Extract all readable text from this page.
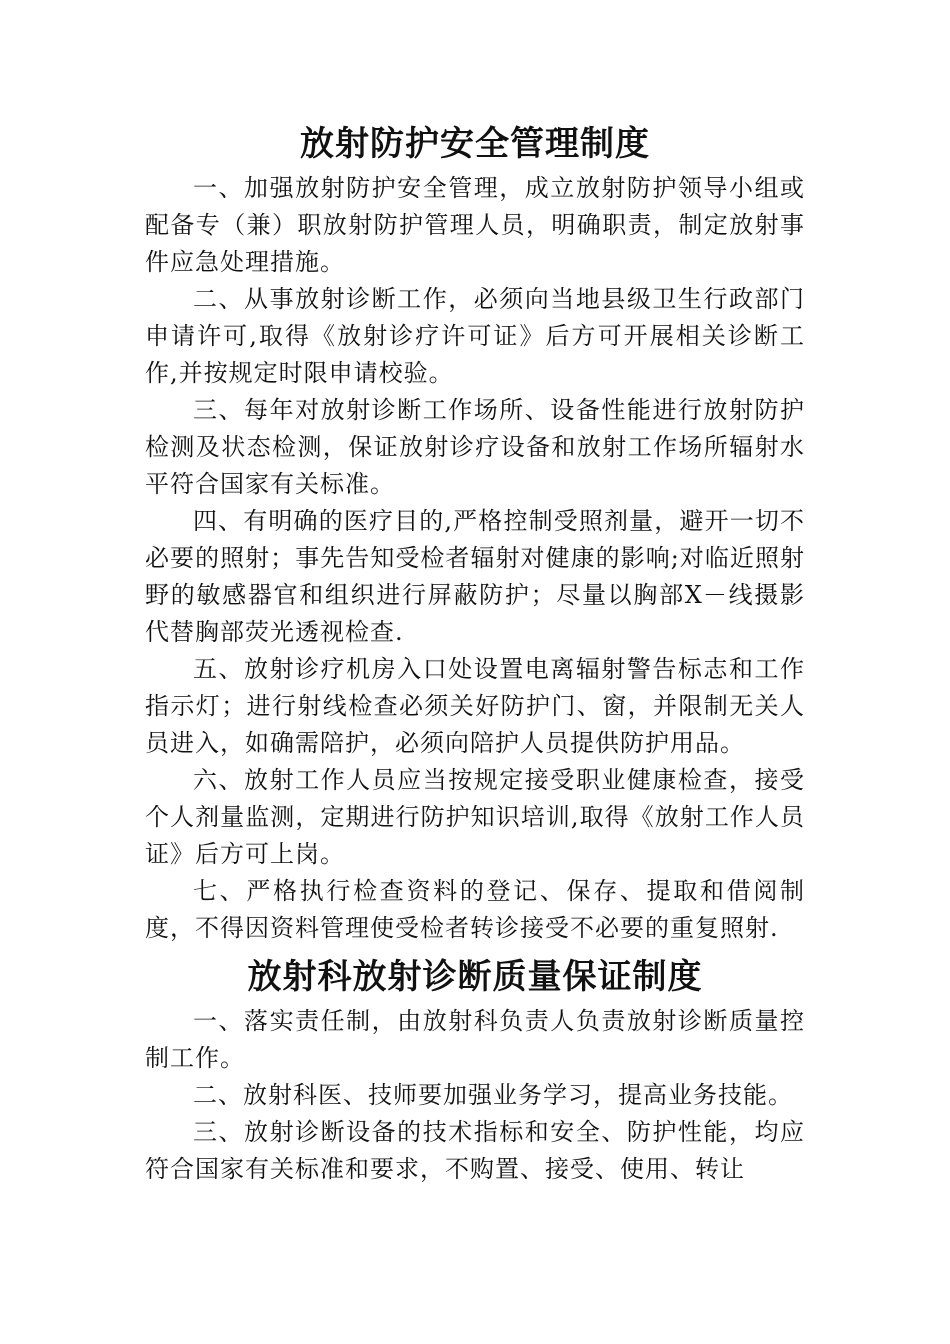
放射防护安全管理制度

一、加强放射防护安全管理，成立放射防护领导小组或配备专（兼）职放射防护管理人员，明确职责，制定放射事件应急处理措施。

二、从事放射诊断工作，必须向当地县级卫生行政部门申请许可,取得《放射诊疗许可证》后方可开展相关诊断工作,并按规定时限申请校验。

三、每年对放射诊断工作场所、设备性能进行放射防护检测及状态检测，保证放射诊疗设备和放射工作场所辐射水平符合国家有关标准。

四、有明确的医疗目的,严格控制受照剂量，避开一切不必要的照射；事先告知受检者辐射对健康的影响;对临近照射野的敏感器官和组织进行屏蔽防护；尽量以胸部X－线摄影代替胸部荧光透视检查.

五、放射诊疗机房入口处设置电离辐射警告标志和工作指示灯；进行射线检查必须关好防护门、窗，并限制无关人员进入，如确需陪护，必须向陪护人员提供防护用品。

六、放射工作人员应当按规定接受职业健康检查，接受个人剂量监测，定期进行防护知识培训,取得《放射工作人员证》后方可上岗。

七、严格执行检查资料的登记、保存、提取和借阅制度，不得因资料管理使受检者转诊接受不必要的重复照射.

放射科放射诊断质量保证制度

一、落实责任制，由放射科负责人负责放射诊断质量控制工作。

二、放射科医、技师要加强业务学习，提高业务技能。

三、放射诊断设备的技术指标和安全、防护性能，均应符合国家有关标准和要求，不购置、接受、使用、转让
